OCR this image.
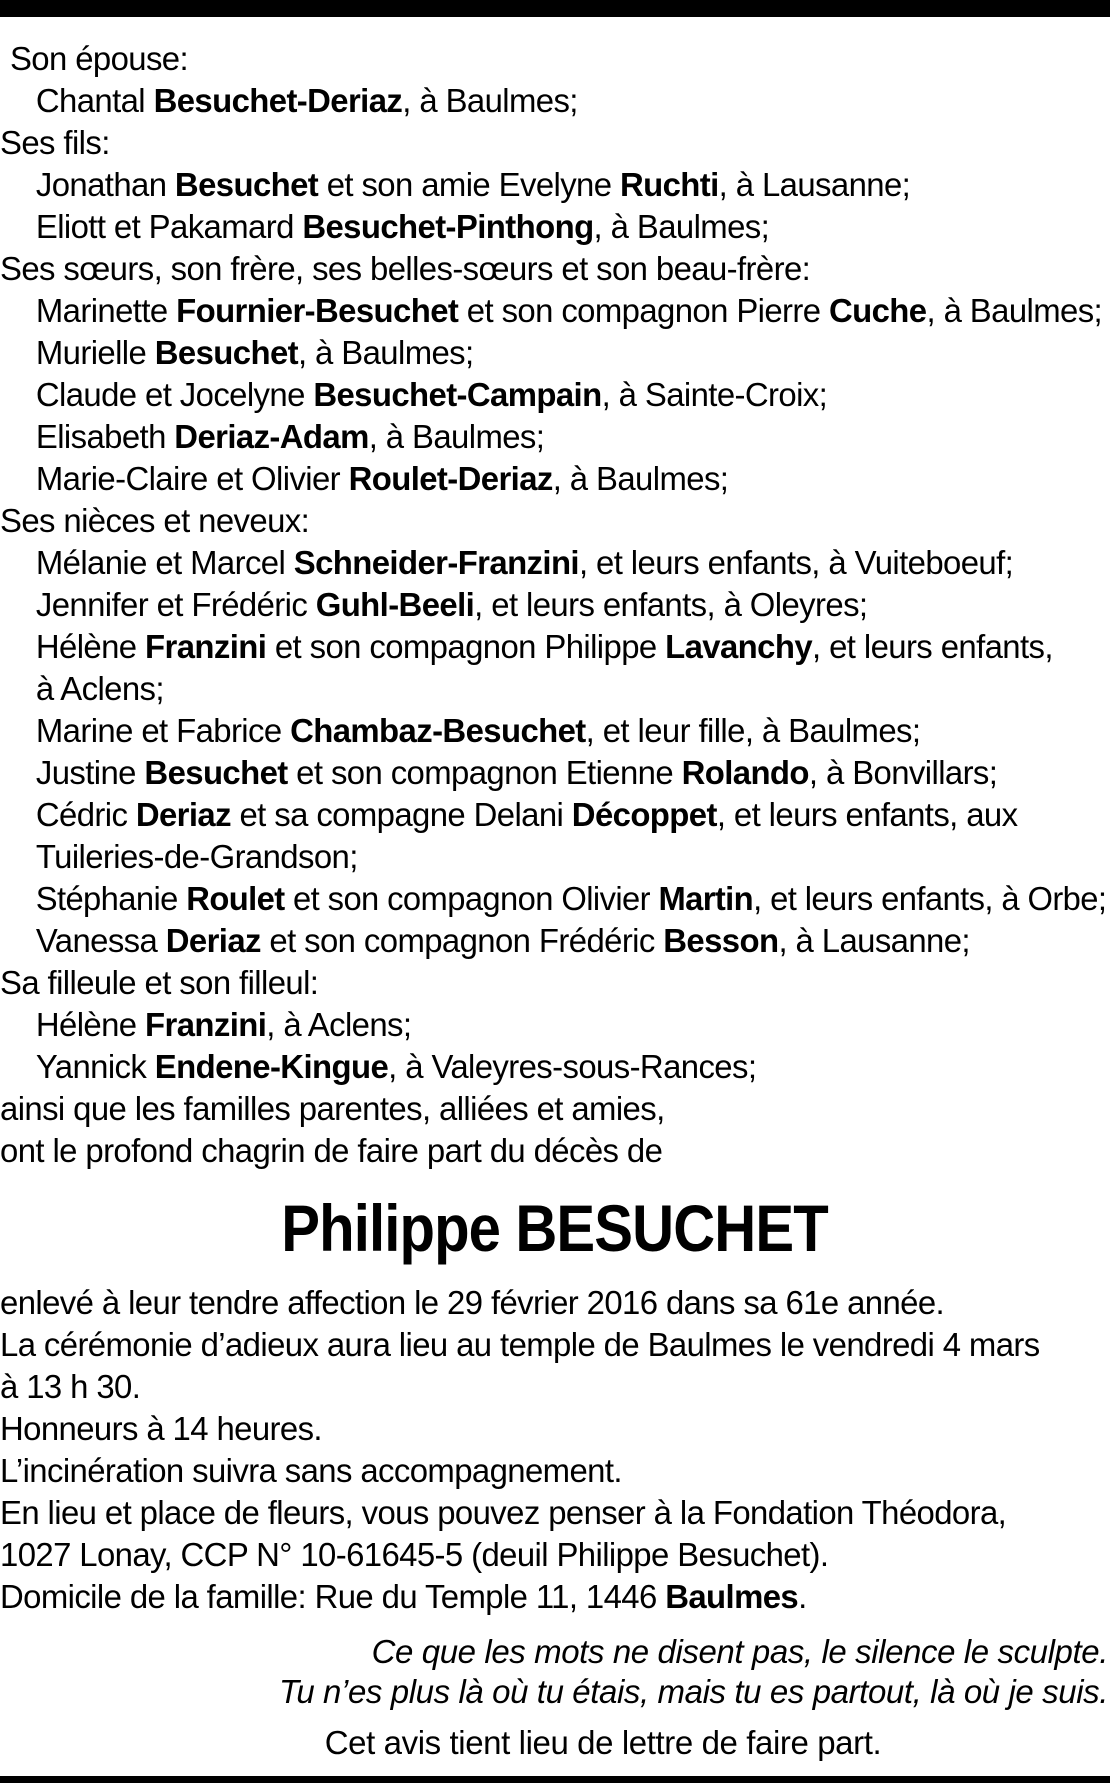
Son épouse:
Chantal Besuchet-Deriaz, à Baulmes;
Ses fils:
Jonathan Besuchet et son amie Evelyne Ruchti, à Lausanne;
Eliott et Pakamard Besuchet-Pinthong, à Baulmes;
Ses sœurs, son frère, ses belles-sœurs et son beau-frère:
Marinette Fournier-Besuchet et son compagnon Pierre Cuche, à Baulmes;
Murielle Besuchet, à Baulmes;
Claude et Jocelyne Besuchet-Campain, à Sainte-Croix;
Elisabeth Deriaz-Adam, à Baulmes;
Marie-Claire et Olivier Roulet-Deriaz, à Baulmes;
Ses nièces et neveux:
Mélanie et Marcel Schneider-Franzini, et leurs enfants, à Vuiteboeuf;
Jennifer et Frédéric Guhl-Beeli, et leurs enfants, à Oleyres;
Hélène Franzini et son compagnon Philippe Lavanchy, et leurs enfants,
à Aclens;
Marine et Fabrice Chambaz-Besuchet, et leur fille, à Baulmes;
Justine Besuchet et son compagnon Etienne Rolando, à Bonvillars;
Cédric Deriaz et sa compagne Delani Décoppet, et leurs enfants, aux
Tuileries-de-Grandson;
Stéphanie Roulet et son compagnon Olivier Martin, et leurs enfants, à Orbe;
Vanessa Deriaz et son compagnon Frédéric Besson, à Lausanne;
Sa filleule et son filleul:
Hélène Franzini, à Aclens;
Yannick Endene-Kingue, à Valeyres-sous-Rances;
ainsi que les familles parentes, alliées et amies,
ont le profond chagrin de faire part du décès de
Philippe BESUCHET
enlevé à leur tendre affection le 29 février 2016 dans sa 61e année.
La cérémonie d’adieux aura lieu au temple de Baulmes le vendredi 4 mars
à 13 h 30.
Honneurs à 14 heures.
L’incinération suivra sans accompagnement.
En lieu et place de fleurs, vous pouvez penser à la Fondation Théodora,
1027 Lonay, CCP N° 10-61645-5 (deuil Philippe Besuchet).
Domicile de la famille: Rue du Temple 11, 1446 Baulmes.
Ce que les mots ne disent pas, le silence le sculpte.
Tu n’es plus là où tu étais, mais tu es partout, là où je suis.
Cet avis tient lieu de lettre de faire part.
